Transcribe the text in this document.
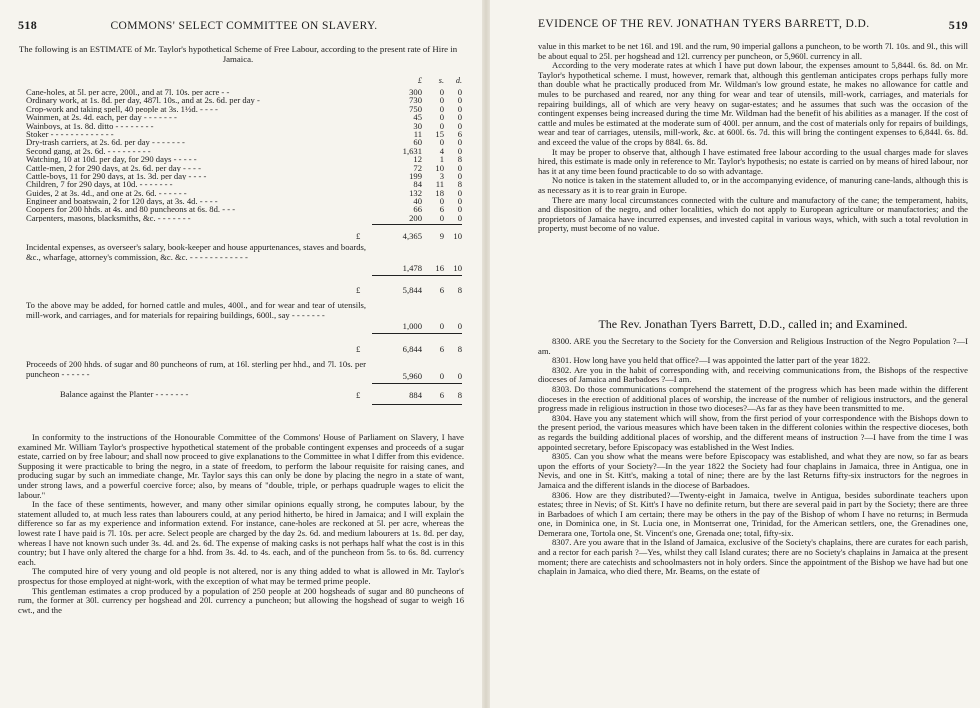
518	COMMONS' SELECT COMMITTEE ON SLAVERY.
The following is an ESTIMATE of Mr. Taylor's hypothetical Scheme of Free Labour, according to the present rate of Hire in Jamaica.
£	s.	d.
Cane-holes, at 5l. per acre, 200l., and at 7l. 10s. per acre - -	300	0	0
Ordinary work, at 1s. 8d. per day, 487l. 10s., and at 2s. 6d. per day -	730	0	0
Crop-work and taking spell, 40 people at 3s. 1½d. - - - -	750	0	0
Wainmen, at 2s. 4d. each, per day - - - - - - -	45	0	0
Wainboys, at 1s. 8d. ditto - - - - - - - -	30	0	0
Stoker - - - - - - - - - - - - -	11	15	6
Dry-trash carriers, at 2s. 6d. per day - - - - - - -	60	0	0
Second gang, at 2s. 6d. - - - - - - - - -	1,631	4	0
Watching, 10 at 10d. per day, for 290 days - - - - -	12	1	8
Cattle-men, 2 for 290 days, at 2s. 6d. per day - - - -	72	10	0
Cattle-boys, 11 for 290 days, at 1s. 3d. per day - - - -	199	3	0
Children, 7 for 290 days, at 10d. - - - - - - -	84	11	8
Guides, 2 at 3s. 4d., and one at 2s. 6d. - - - - - -	132	18	0
Engineer and boatswain, 2 for 120 days, at 3s. 4d. - - - -	40	0	0
Coopers for 200 hhds. at 4s. and 80 puncheons at 6s. 8d. - - -	66	6	0
Carpenters, masons, blacksmiths, &c. - - - - - - -	200	0	0
£	4,365	9	10
Incidental expenses, as overseer's salary, book-keeper and house appurtenances, staves and boards, &c., wharfage, attorney's commission, &c. &c. - - - - - - - - - - - -
1,478	16	10
£	5,844	6	8
To the above may be added, for horned cattle and mules, 400l., and for wear and tear of utensils, mill-work, and carriages, and for materials for repairing buildings, 600l., say - - - - - - -
1,000	0	0
£	6,844	6	8
Proceeds of 200 hhds. of sugar and 80 puncheons of rum, at 16l. sterling per hhd., and 7l. 10s. per puncheon - - - - - -	5,960	0	0
Balance against the Planter - - - - - - -	£	884	6	8

In conformity to the instructions of the Honourable Committee of the Commons' House of Parliament on Slavery, I have examined Mr. William Taylor's prospective hypothetical statement of the probable contingent expenses and proceeds of a sugar estate, carried on by free labour; and shall now proceed to give explanations to the Committee in what I differ from this evidence. Supposing it were practicable to bring the negro, in a state of freedom, to perform the labour requisite for raising canes, and producing sugar by such an immediate change, Mr. Taylor says this can only be done by placing the negro in a state of want, under strong laws, and a powerful coercive force; also, by means of "double, triple, or perhaps quadruple wages to elicit the labour."

In the face of these sentiments, however, and many other similar opinions equally strong, he computes labour, by the statement alluded to, at much less rates than labourers could, at any period hitherto, be hired in Jamaica; and I will explain the difference so far as my experience and information extend. For instance, cane-holes are reckoned at 5l. per acre, whereas the lowest rate I have paid is 7l. 10s. per acre. Select people are charged by the day 2s. 6d. and medium labourers at 1s. 8d. per day, whereas I have not known such under 3s. 4d. and 2s. 6d. The expense of making casks is not perhaps half what the cost is in this country; but I have only altered the charge for a hhd. from 3s. 4d. to 4s. each, and of the puncheon from 5s. to 6s. 8d. currency each.

The computed hire of very young and old people is not altered, nor is any thing added to what is allowed in Mr. Taylor's prospectus for those employed at night-work, with the exception of what may be termed prime people.

This gentleman estimates a crop produced by a population of 250 people at 200 hogsheads of sugar and 80 puncheons of rum, the former at 30l. currency per hogshead and 20l. currency a puncheon; but allowing the hogshead of sugar to weigh 16 cwt., and the

EVIDENCE OF THE REV. JONATHAN TYERS BARRETT, D.D.	519

value in this market to be net 16l. and 19l. and the rum, 90 imperial gallons a puncheon, to be worth 7l. 10s. and 9l., this will be about equal to 25l. per hogshead and 12l. currency per puncheon, or 5,960l. currency in all.

According to the very moderate rates at which I have put down labour, the expenses amount to 5,844l. 6s. 8d. on Mr. Taylor's hypothetical scheme. I must, however, remark that, although this gentleman anticipates crops perhaps fully more than double what he practically produced from Mr. Wildman's low ground estate, he makes no allowance for cattle and mules to be purchased and reared, nor any thing for wear and tear of utensils, mill-work, carriages, and materials for repairing buildings, all of which are very heavy on sugar-estates; and he assumes that such was the occasion of the contingent expenses being increased during the time Mr. Wildman had the benefit of his abilities as a manager. If the cost of cattle and mules be estimated at the moderate sum of 400l. per annum, and the cost of materials only for repairs of buildings, wear and tear of carriages, utensils, mill-work, &c. at 600l. 6s. 7d. this will bring the contingent expenses to 6,844l. 6s. 8d. and exceed the value of the crops by 884l. 6s. 8d.

It may be proper to observe that, although I have estimated free labour according to the usual charges made for slaves hired, this estimate is made only in reference to Mr. Taylor's hypothesis; no estate is carried on by means of hired labour, nor has it at any time been found practicable to do so with advantage.

No notice is taken in the statement alluded to, or in the accompanying evidence, of manuring cane-lands, although this is as necessary as it is to rear grain in Europe.

There are many local circumstances connected with the culture and manufactory of the cane; the temperament, habits, and disposition of the negro, and other localities, which do not apply to European agriculture or manufactories; and the proprietors of Jamaica have incurred expenses, and invested capital in various ways, which, with such a total revolution in property, must become of no value.

The Rev. Jonathan Tyers Barrett, D.D., called in; and Examined.

8300. ARE you the Secretary to the Society for the Conversion and Religious Instruction of the Negro Population ?—I am.

8301. How long have you held that office?—I was appointed the latter part of the year 1822.

8302. Are you in the habit of corresponding with, and receiving communications from, the Bishops of the respective dioceses of Jamaica and Barbadoes ?—I am.

8303. Do those communications comprehend the statement of the progress which has been made within the different dioceses in the erection of additional places of worship, the increase of the number of religious instructors, and the general progress made in religious instruction in those two dioceses?—As far as they have been transmitted to me.

8304. Have you any statement which will show, from the first period of your correspondence with the Bishops down to the present period, the various measures which have been taken in the different colonies within the respective dioceses, both as regards the building additional places of worship, and the different means of instruction ?—I have from the time I was appointed secretary, before Episcopacy was established in the West Indies.

8305. Can you show what the means were before Episcopacy was established, and what they are now, so far as bears upon the efforts of your Society?—In the year 1822 the Society had four chaplains in Jamaica, three in Antigua, one in Nevis, and one in St. Kitt's, making a total of nine; there are by the last Returns fifty-six instructors for the negroes in Jamaica and the different islands in the diocese of Barbadoes.

8306. How are they distributed?—Twenty-eight in Jamaica, twelve in Antigua, besides subordinate teachers upon estates; three in Nevis; of St. Kitt's I have no definite return, but there are several paid in part by the Society; there are three in Barbadoes of which I am certain; there may be others in the pay of the Bishop of whom I have no returns; in Bermuda one, in Dominica one, in St. Lucia one, in Montserrat one, Trinidad, for the American settlers, one, the Grenadines one, Demerara one, Tortola one, St. Vincent's one, Grenada one; total, fifty-six.

8307. Are you aware that in the Island of Jamaica, exclusive of the Society's chaplains, there are curates for each parish, and a rector for each parish ?—Yes, whilst they call Island curates; there are no Society's chaplains in Jamaica at the present moment; there are catechists and schoolmasters not in holy orders. Since the appointment of the Bishop we have had but one chaplain in Jamaica, who died there, Mr. Beams, on the estate of
